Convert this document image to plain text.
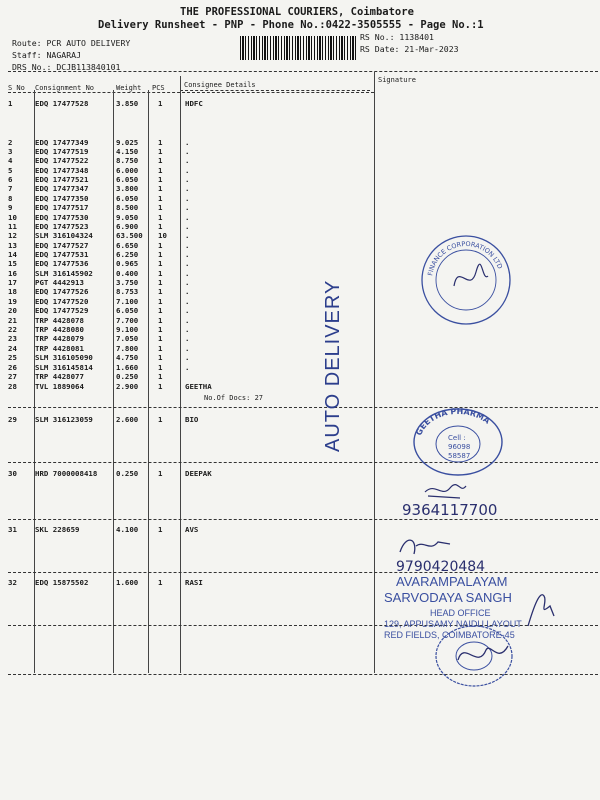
THE PROFESSIONAL COURIERS, Coimbatore
Delivery Runsheet - PNP - Phone No.:0422-3505555 - Page No.:1
Route: PCR AUTO DELIVERY
Staff: NAGARAJ
DRS No.: DCJB113840101
RS No.: 1138401
RS Date: 21-Mar-2023
S No Consignment No	Weight PCS	Consignee Details
Signature
1	EDQ 17477528	3.850	1	HDFC
2	EDQ 17477349	9.025	1	.
3	EDQ 17477519	4.150	1	.
4	EDQ 17477522	8.750	1	.
5	EDQ 17477348	6.000	1	.
6	EDQ 17477521	6.050	1	.
7	EDQ 17477347	3.800	1	.
8	EDQ 17477350	6.050	1	.
9	EDQ 17477517	8.500	1	.
10 EDQ 17477530	9.050	1	.
11 EDQ 17477523	6.900	1	.
12 SLM 316104324	63.500 10 .
13 EDQ 17477527	6.650	1	.
14 EDQ 17477531	6.250	1	.
15 EDQ 17477536	0.965	1	.
16 SLM 316145902	0.400	1	.
17 PGT 4442913	3.750	1	.
18 EDQ 17477526	8.753	1	.
19 EDQ 17477520	7.100	1	.
20 EDQ 17477529	6.050	1	.
21 TRP 4428078	7.700	1	.
22 TRP 4428080	9.100	1	.
23 TRP 4428079	7.050	1	.
24 TRP 4428081	7.800	1	.
25 SLM 316105090	4.750	1	.
26 SLM 316145814	1.660	1	.
27 TRP 4428077	0.250	1
28 TVL 1889064	2.900	1	GEETHA
No.Of Docs: 27
29 SLM 316123059	2.600	1	BIO
30 HRD 7000008418	0.250	1	DEEPAK
31 SKL 228659	4.100	1	AVS
32 EDQ 15875502	1.600	1	RASI
AUTO DELIVERY
FINANCE CORPORATION LTD
GEETHA PHARMA
Cell :
96098
58587
9364117700
9790420484
AVARAMPALAYAM
SARVODAYA SANGH
HEAD OFFICE
129, APPUSAMY NAIDU LAYOUT
RED FIELDS, COIMBATORE-45
